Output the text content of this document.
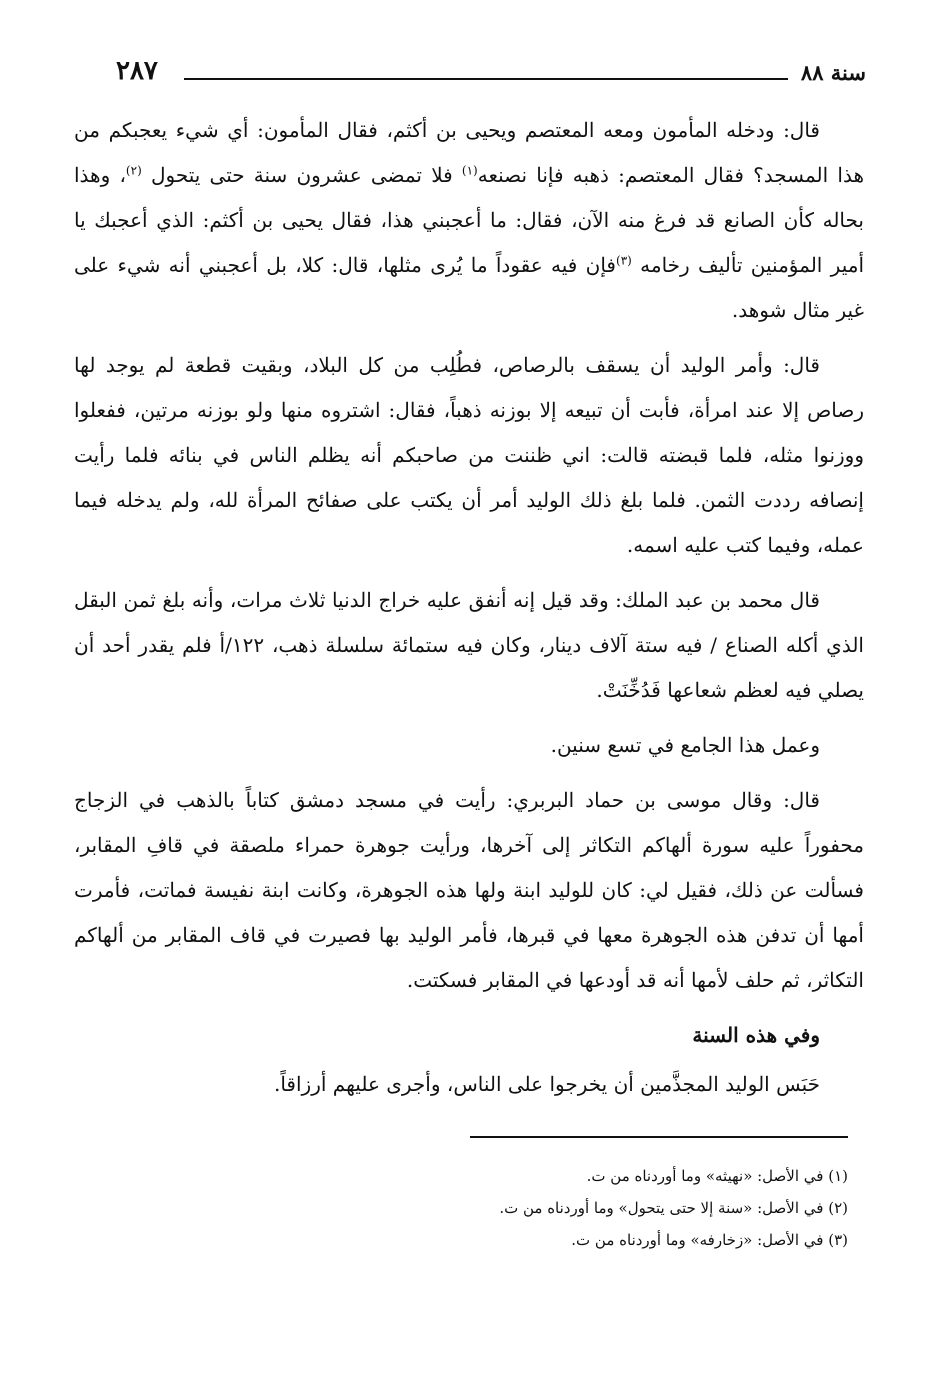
سنة ٨٨
٢٨٧

قال: ودخله المأمون ومعه المعتصم ويحيى بن أكثم، فقال المأمون: أي شيء يعجبكم من هذا المسجد؟ فقال المعتصم: ذهبه فإنا نصنعه$^{(١)}$ فلا تمضى عشرون سنة حتى يتحول $^{(٢)}$، وهذا بحاله كأن الصانع قد فرغ منه الآن، فقال: ما أعجبني هذا، فقال يحيى بن أكثم: الذي أعجبك يا أمير المؤمنين تأليف رخامه $^{(٣)}$فإن فيه عقوداً ما يُرى مثلها، قال: كلا، بل أعجبني أنه شيء على غير مثال شوهد.

قال: وأمر الوليد أن يسقف بالرصاص، فطُلِب من كل البلاد، وبقيت قطعة لم يوجد لها رصاص إلا عند امرأة، فأبت أن تبيعه إلا بوزنه ذهباً، فقال: اشتروه منها ولو بوزنه مرتين، ففعلوا ووزنوا مثله، فلما قبضته قالت: اني ظننت من صاحبكم أنه يظلم الناس في بنائه فلما رأيت إنصافه رددت الثمن. فلما بلغ ذلك الوليد أمر أن يكتب على صفائح المرأة لله، ولم يدخله فيما عمله، وفيما كتب عليه اسمه.

قال محمد بن عبد الملك: وقد قيل إنه أنفق عليه خراج الدنيا ثلاث مرات، وأنه بلغ ثمن البقل الذي أكله الصناع / فيه ستة آلاف دينار، وكان فيه ستمائة سلسلة ذهب، ١٢٢/أ فلم يقدر أحد أن يصلي فيه لعظم شعاعها فَدُخِّنَتْ.

وعمل هذا الجامع في تسع سنين.

قال: وقال موسى بن حماد البربري: رأيت في مسجد دمشق كتاباً بالذهب في الزجاج محفوراً عليه سورة ألهاكم التكاثر إلى آخرها، ورأيت جوهرة حمراء ملصقة في قافِ المقابر، فسألت عن ذلك، فقيل لي: كان للوليد ابنة ولها هذه الجوهرة، وكانت ابنة نفيسة فماتت، فأمرت أمها أن تدفن هذه الجوهرة معها في قبرها، فأمر الوليد بها فصيرت في قاف المقابر من ألهاكم التكاثر، ثم حلف لأمها أنه قد أودعها في المقابر فسكتت.

وفي هذه السنة

حَبَس الوليد المجذَّمين أن يخرجوا على الناس، وأجرى عليهم أرزاقاً.

(١) في الأصل: «نهيثه» وما أوردناه من ت.

(٢) في الأصل: «سنة إلا حتى يتحول» وما أوردناه من ت.

(٣) في الأصل: «زخارفه» وما أوردناه من ت.
